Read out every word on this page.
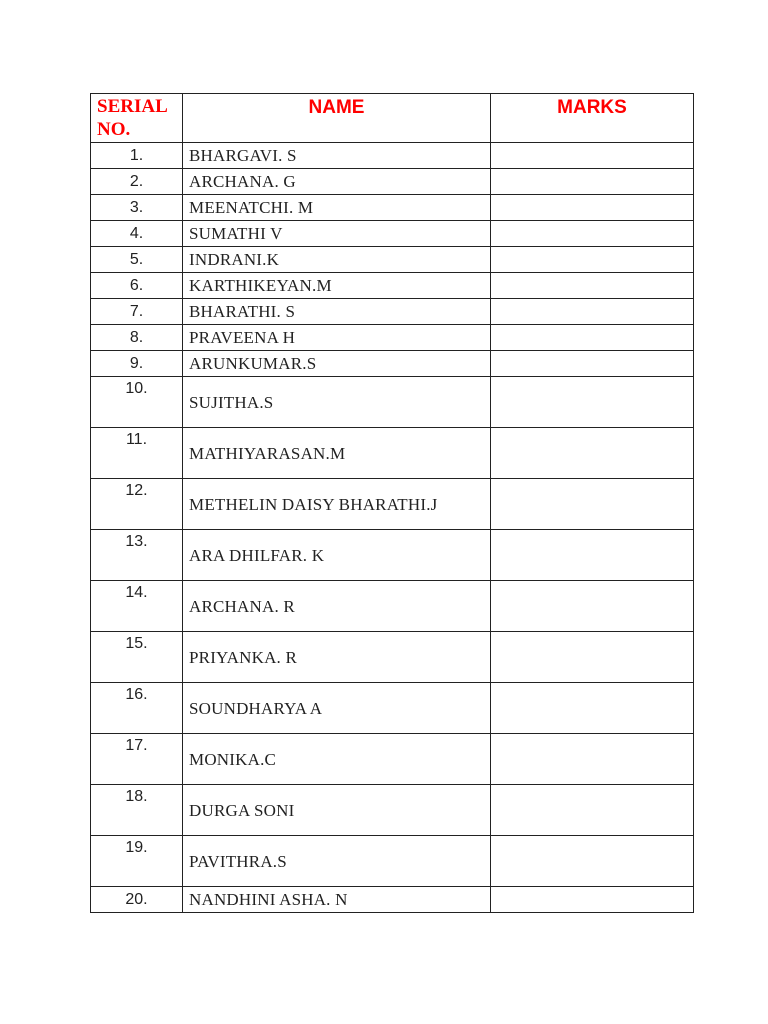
SERIAL NO.	NAME	MARKS
1.	BHARGAVI. S	
2.	ARCHANA. G	
3.	MEENATCHI. M	
4.	SUMATHI V	
5.	INDRANI.K	
6.	KARTHIKEYAN.M	
7.	BHARATHI. S	
8.	PRAVEENA H	
9.	ARUNKUMAR.S	
10.	SUJITHA.S	
11.	MATHIYARASAN.M	
12.	METHELIN DAISY BHARATHI.J	
13.	ARA DHILFAR. K	
14.	ARCHANA. R	
15.	PRIYANKA. R	
16.	SOUNDHARYA A	
17.	MONIKA.C	
18.	DURGA SONI	
19.	PAVITHRA.S	
20.	NANDHINI ASHA. N	
